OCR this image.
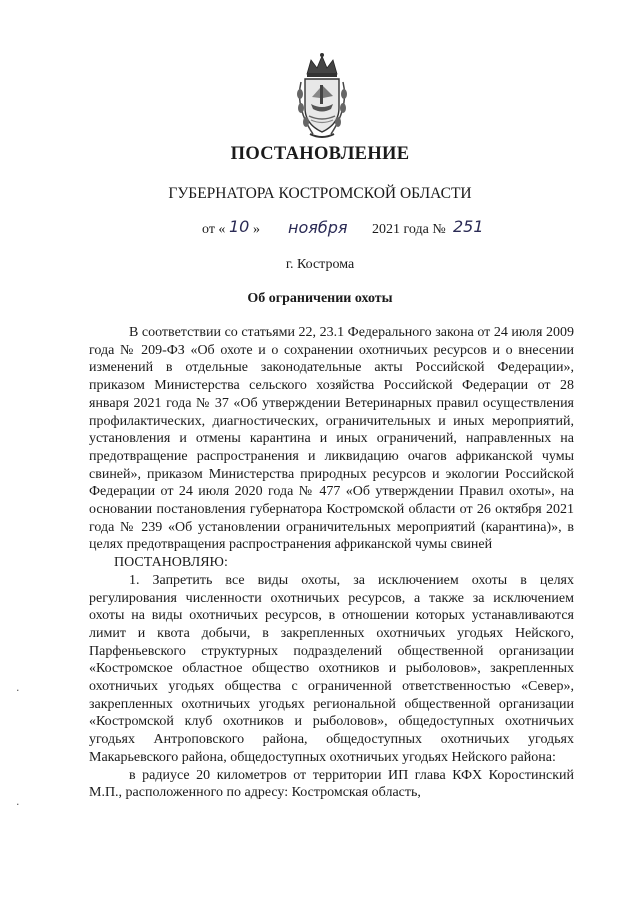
ПОСТАНОВЛЕНИЕ
ГУБЕРНАТОРА КОСТРОМСКОЙ ОБЛАСТИ
от « 10 » ноября 2021 года № 251
г. Кострома
Об ограничении охоты

В соответствии со статьями 22, 23.1 Федерального закона от 24 июля 2009 года № 209-ФЗ «Об охоте и о сохранении охотничьих ресурсов и о внесении изменений в отдельные законодательные акты Российской Федерации», приказом Министерства сельского хозяйства Российской Федерации от 28 января 2021 года № 37 «Об утверждении Ветеринарных правил осуществления профилактических, диагностических, ограничительных и иных мероприятий, установления и отмены карантина и иных ограничений, направленных на предотвращение распространения и ликвидацию очагов африканской чумы свиней», приказом Министерства природных ресурсов и экологии Российской Федерации от 24 июля 2020 года № 477 «Об утверждении Правил охоты», на основании постановления губернатора Костромской области от 26 октября 2021 года № 239 «Об установлении ограничительных мероприятий (карантина)», в целях предотвращения распространения африканской чумы свиней

ПОСТАНОВЛЯЮ:

1. Запретить все виды охоты, за исключением охоты в целях регулирования численности охотничьих ресурсов, а также за исключением охоты на виды охотничьих ресурсов, в отношении которых устанавливаются лимит и квота добычи, в закрепленных охотничьих угодьях Нейского, Парфеньевского структурных подразделений общественной организации «Костромское областное общество охотников и рыболовов», закрепленных охотничьих угодьях общества с ограниченной ответственностью «Север», закрепленных охотничьих угодьях региональной общественной организации «Костромской клуб охотников и рыболовов», общедоступных охотничьих угодьях Антроповского района, общедоступных охотничьих угодьях Макарьевского района, общедоступных охотничьих угодьях Нейского района:

в радиусе 20 километров от территории ИП глава КФХ Коростинский М.П., расположенного по адресу: Костромская область,

·
·
